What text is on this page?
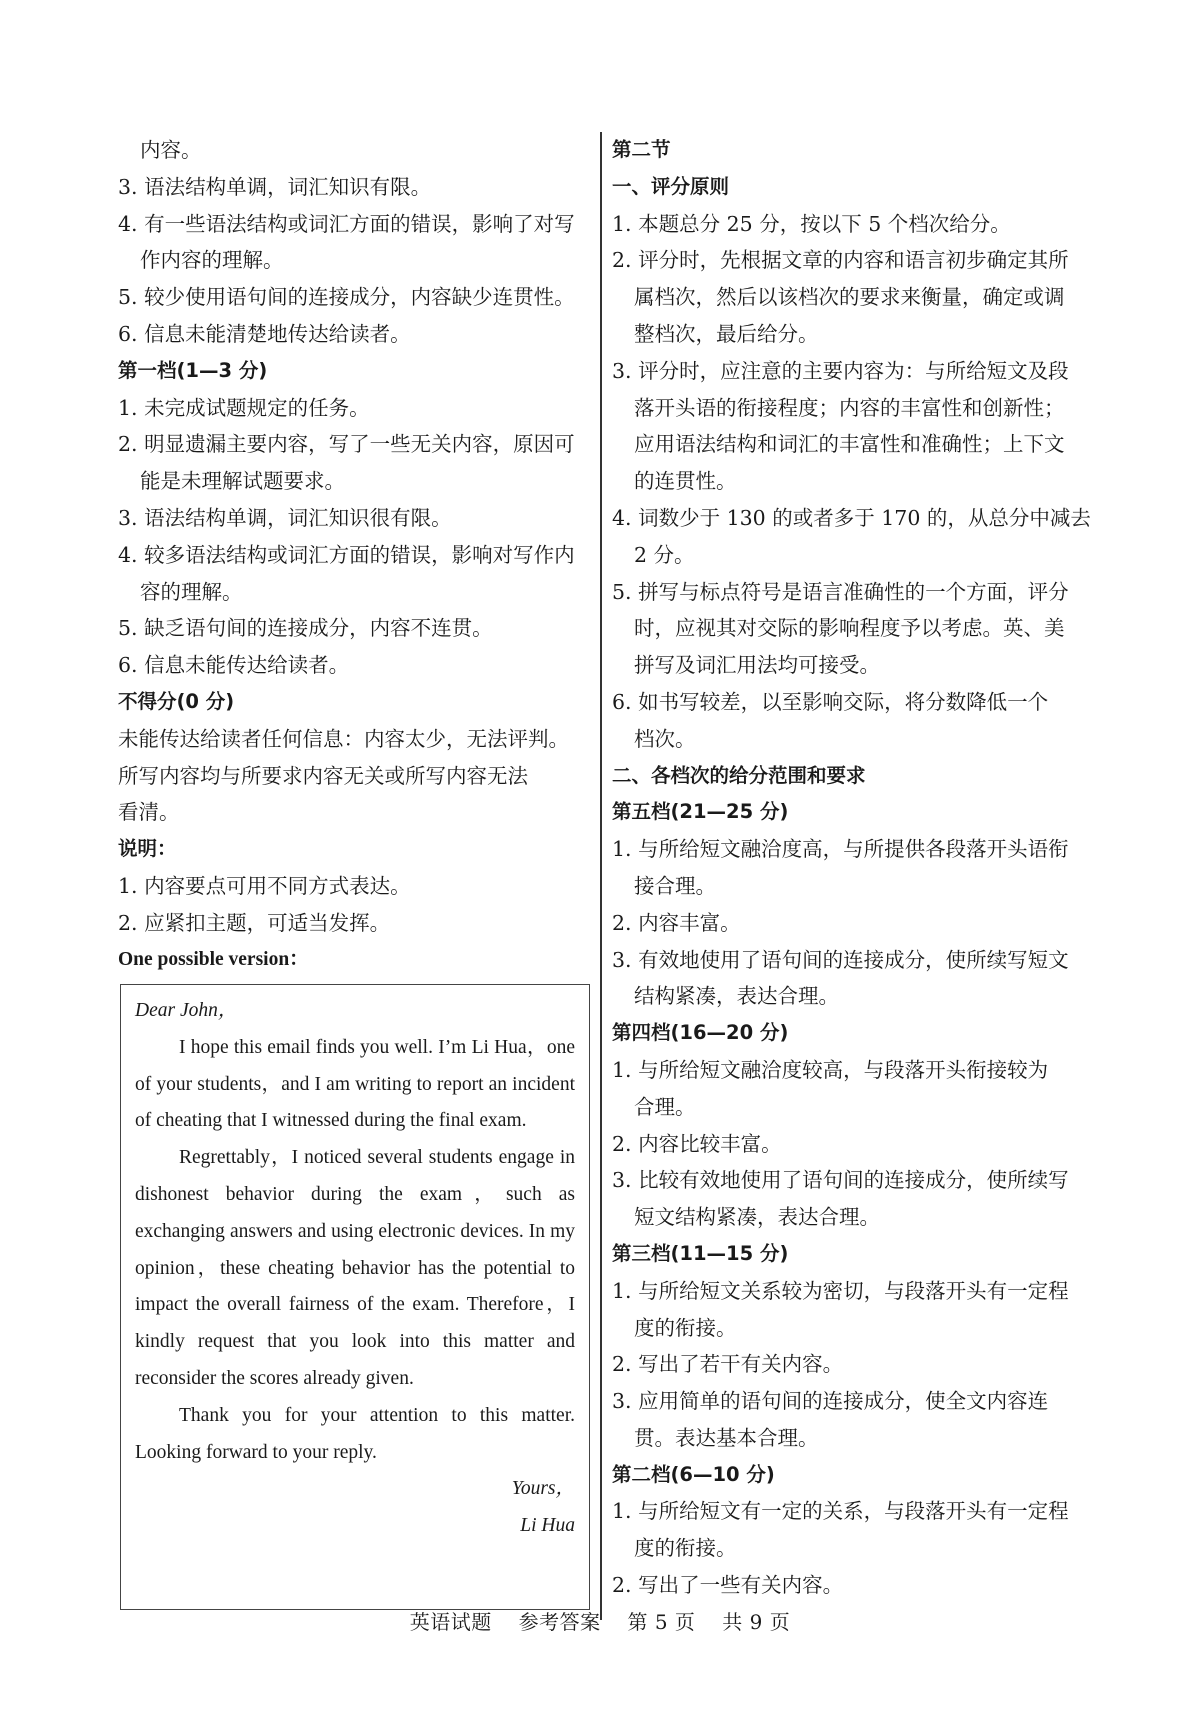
内容。
3. 语法结构单调，词汇知识有限。
4. 有一些语法结构或词汇方面的错误，影响了对写
作内容的理解。
5. 较少使用语句间的连接成分，内容缺少连贯性。
6. 信息未能清楚地传达给读者。
第一档(1—3 分)
1. 未完成试题规定的任务。
2. 明显遗漏主要内容，写了一些无关内容，原因可
能是未理解试题要求。
3. 语法结构单调，词汇知识很有限。
4. 较多语法结构或词汇方面的错误，影响对写作内
容的理解。
5. 缺乏语句间的连接成分，内容不连贯。
6. 信息未能传达给读者。
不得分(0 分)
未能传达给读者任何信息：内容太少，无法评判。
所写内容均与所要求内容无关或所写内容无法
看清。
说明：
1. 内容要点可用不同方式表达。
2. 应紧扣主题，可适当发挥。
One possible version：
Dear John，

I hope this email finds you well. I’m Li Hua，one of your students，and I am writing to report an incident of cheating that I witnessed during the final exam.

Regrettably，I noticed several students engage in dishonest behavior during the exam，such as exchanging answers and using electronic devices. In my opinion，these cheating behavior has the potential to impact the overall fairness of the exam. Therefore，I kindly request that you look into this matter and reconsider the scores already given.

Thank you for your attention to this matter. Looking forward to your reply.

Yours，
Li Hua
第二节
一、评分原则
1. 本题总分 25 分，按以下 5 个档次给分。
2. 评分时，先根据文章的内容和语言初步确定其所
属档次，然后以该档次的要求来衡量，确定或调
整档次，最后给分。
3. 评分时，应注意的主要内容为：与所给短文及段
落开头语的衔接程度；内容的丰富性和创新性；
应用语法结构和词汇的丰富性和准确性；上下文
的连贯性。
4. 词数少于 130 的或者多于 170 的，从总分中减去
2 分。
5. 拼写与标点符号是语言准确性的一个方面，评分
时，应视其对交际的影响程度予以考虑。英、美
拼写及词汇用法均可接受。
6. 如书写较差，以至影响交际，将分数降低一个
档次。
二、各档次的给分范围和要求
第五档(21—25 分)
1. 与所给短文融洽度高，与所提供各段落开头语衔
接合理。
2. 内容丰富。
3. 有效地使用了语句间的连接成分，使所续写短文
结构紧凑，表达合理。
第四档(16—20 分)
1. 与所给短文融洽度较高，与段落开头衔接较为
合理。
2. 内容比较丰富。
3. 比较有效地使用了语句间的连接成分，使所续写
短文结构紧凑，表达合理。
第三档(11—15 分)
1. 与所给短文关系较为密切，与段落开头有一定程
度的衔接。
2. 写出了若干有关内容。
3. 应用简单的语句间的连接成分，使全文内容连
贯。表达基本合理。
第二档(6—10 分)
1. 与所给短文有一定的关系，与段落开头有一定程
度的衔接。
2. 写出了一些有关内容。
英语试题 参考答案 第 5 页 共 9 页
